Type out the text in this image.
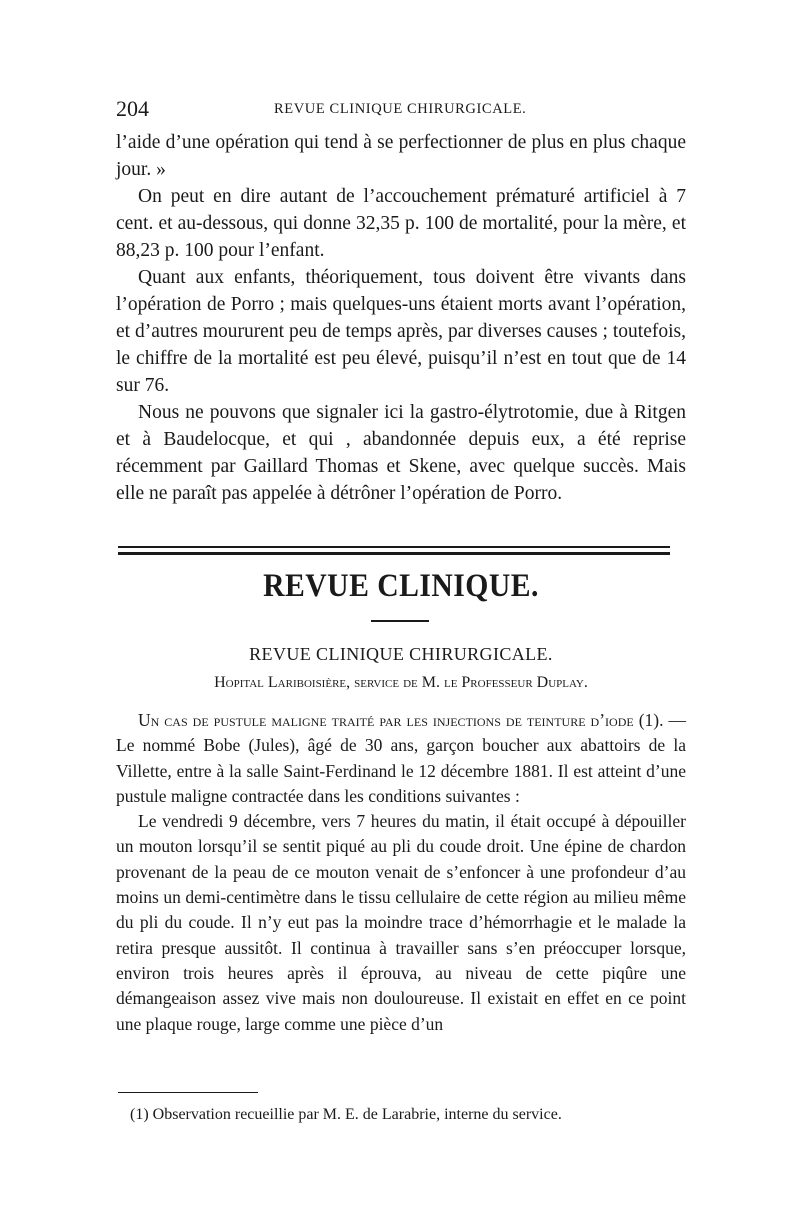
204	REVUE CLINIQUE CHIRURGICALE.

l’aide d’une opération qui tend à se perfectionner de plus en plus chaque jour. »

On peut en dire autant de l’accouchement prématuré artificiel à 7 cent. et au-dessous, qui donne 32,35 p. 100 de mortalité, pour la mère, et 88,23 p. 100 pour l’enfant.

Quant aux enfants, théoriquement, tous doivent être vivants dans l’opération de Porro ; mais quelques-uns étaient morts avant l’opération, et d’autres moururent peu de temps après, par diverses causes ; toutefois, le chiffre de la mortalité est peu élevé, puisqu’il n’est en tout que de 14 sur 76.

Nous ne pouvons que signaler ici la gastro-élytrotomie, due à Ritgen et à Baudelocque, et qui , abandonnée depuis eux, a été reprise récemment par Gaillard Thomas et Skene, avec quelque succès. Mais elle ne paraît pas appelée à détrôner l’opération de Porro.

REVUE CLINIQUE.
REVUE CLINIQUE CHIRURGICALE.
Hopital Lariboisière, service de M. le Professeur Duplay.

Un cas de pustule maligne traité par les injections de teinture d’iode (1). — Le nommé Bobe (Jules), âgé de 30 ans, garçon boucher aux abattoirs de la Villette, entre à la salle Saint-Ferdinand le 12 décembre 1881. Il est atteint d’une pustule maligne contractée dans les conditions suivantes :

Le vendredi 9 décembre, vers 7 heures du matin, il était occupé à dépouiller un mouton lorsqu’il se sentit piqué au pli du coude droit. Une épine de chardon provenant de la peau de ce mouton venait de s’enfoncer à une profondeur d’au moins un demi-centimètre dans le tissu cellulaire de cette région au milieu même du pli du coude. Il n’y eut pas la moindre trace d’hémorrhagie et le malade la retira presque aussitôt. Il continua à travailler sans s’en préoccuper lorsque, environ trois heures après il éprouva, au niveau de cette piqûre une démangeaison assez vive mais non douloureuse. Il existait en effet en ce point une plaque rouge, large comme une pièce d’un

(1) Observation recueillie par M. E. de Larabrie, interne du service.
